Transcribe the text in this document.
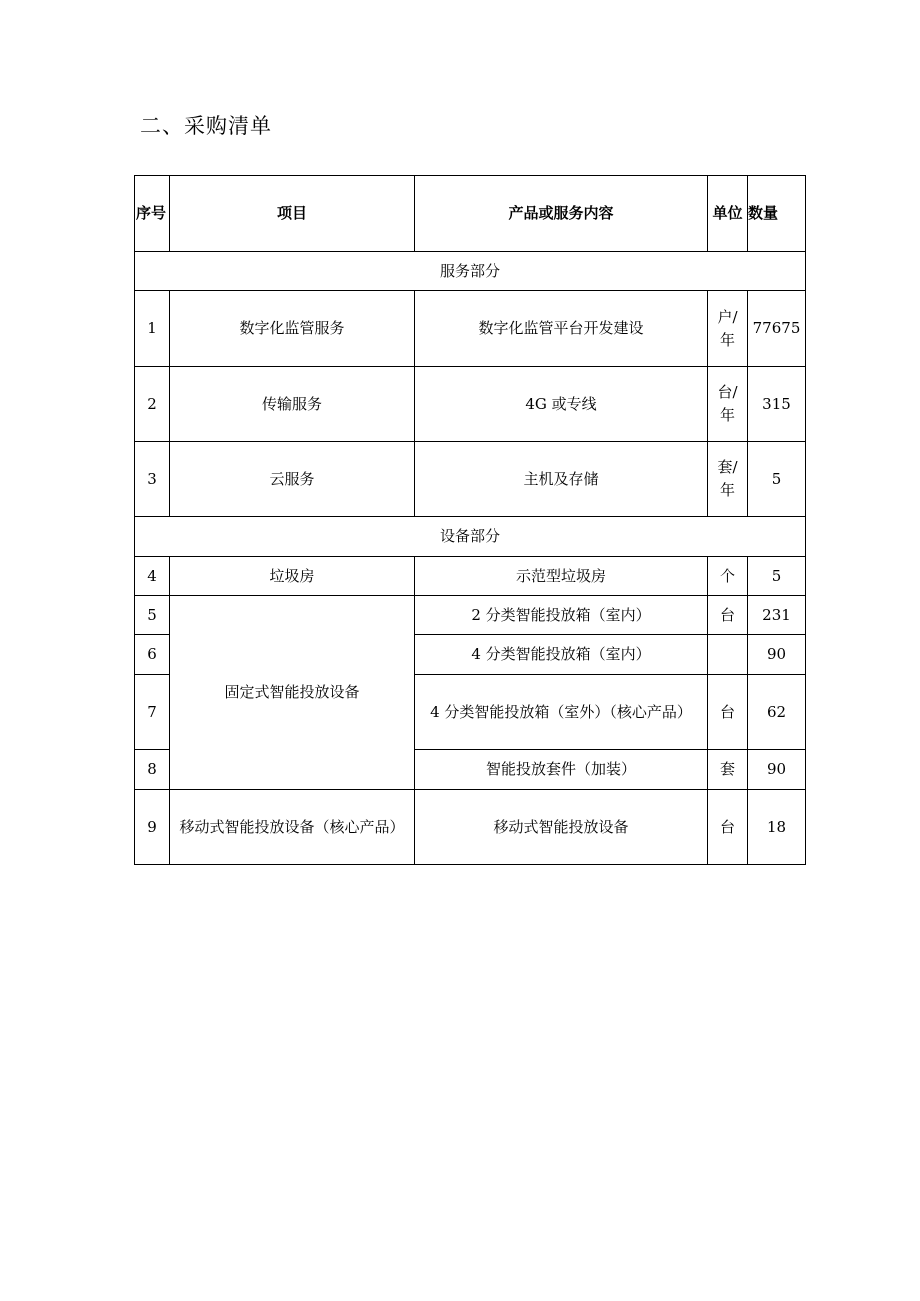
二、采购清单
序号	项目	产品或服务内容	单位	数量
服务部分				
1	数字化监管服务	数字化监管平台开发建设	户/年	77675
2	传输服务	4G 或专线	台/年	315
3	云服务	主机及存储	套/年	5
设备部分				
4	垃圾房	示范型垃圾房	个	5
5	固定式智能投放设备	2 分类智能投放箱（室内）	台	231
6		4 分类智能投放箱（室内）		90
7		4 分类智能投放箱（室外）（核心产品）	台	62
8		智能投放套件（加装）	套	90
9	移动式智能投放设备（核心产品）	移动式智能投放设备	台	18
